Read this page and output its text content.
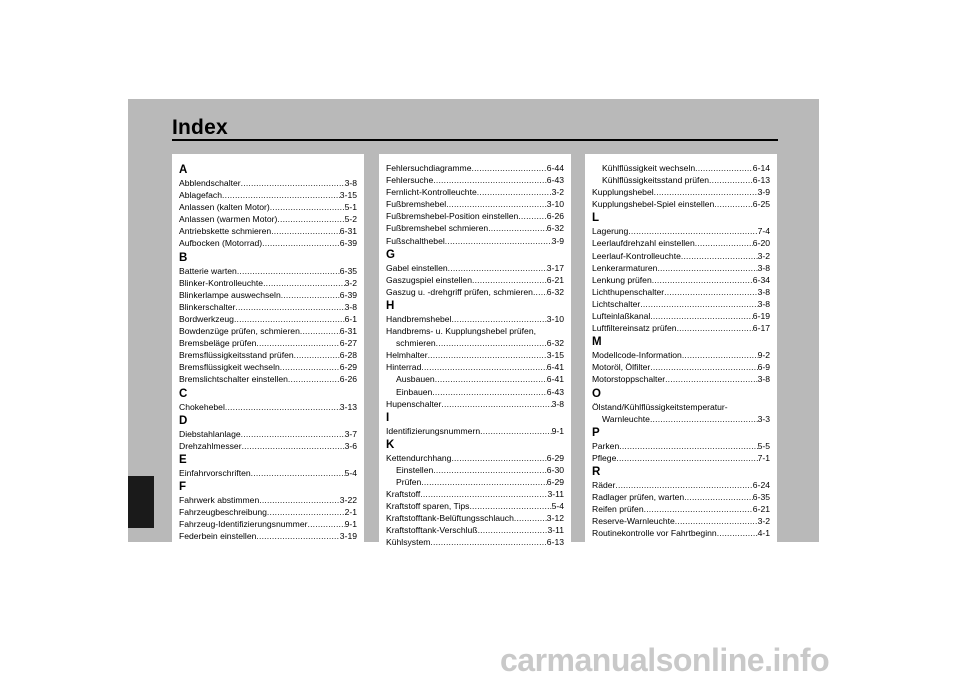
Index
A
Abblendschalter .....	3-8
Ablagefach .....	3-15
Anlassen (kalten Motor) .....	5-1
Anlassen (warmen Motor) .....	5-2
Antriebskette schmieren .....	6-31
Aufbocken (Motorrad) .....	6-39
B
Batterie warten .....	6-35
Blinker-Kontrolleuchte .....	3-2
Blinkerlampe auswechseln .....	6-39
Blinkerschalter .....	3-8
Bordwerkzeug .....	6-1
Bowdenzüge prüfen, schmieren .....	6-31
Bremsbeläge prüfen .....	6-27
Bremsflüssigkeitsstand prüfen .....	6-28
Bremsflüssigkeit wechseln .....	6-29
Bremslichtschalter einstellen .....	6-26
C
Chokehebel .....	3-13
D
Diebstahlanlage .....	3-7
Drehzahlmesser .....	3-6
E
Einfahrvorschriften .....	5-4
F
Fahrwerk abstimmen .....	3-22
Fahrzeugbeschreibung .....	2-1
Fahrzeug-Identifizierungsnummer .....	9-1
Federbein einstellen .....	3-19
Fehlersuchdiagramme .....	6-44
Fehlersuche .....	6-43
Fernlicht-Kontrolleuchte .....	3-2
Fußbremshebel .....	3-10
Fußbremshebel-Position einstellen .....	6-26
Fußbremshebel schmieren .....	6-32
Fußschalthebel .....	3-9
G
Gabel einstellen .....	3-17
Gaszugspiel einstellen .....	6-21
Gaszug u. -drehgriff prüfen, schmieren ..... 6-32
H
Handbremshebel .....	3-10
Handbrems- u. Kupplungshebel prüfen,
schmieren .....	6-32
Helmhalter .....	3-15
Hinterrad .....	6-41
Ausbauen .....	6-41
Einbauen .....	6-43
Hupenschalter .....	3-8
I
Identifizierungsnummern .....	9-1
K
Kettendurchhang .....	6-29
Einstellen .....	6-30
Prüfen .....	6-29
Kraftstoff .....	3-11
Kraftstoff sparen, Tips .....	5-4
Kraftstofftank-Belüftungsschlauch .....	3-12
Kraftstofftank-Verschluß .....	3-11
Kühlsystem .....	6-13
Kühlflüssigkeit wechseln .....	6-14
Kühlflüssigkeitsstand prüfen .....	6-13
Kupplungshebel .....	3-9
Kupplungshebel-Spiel einstellen .....	6-25
L
Lagerung .....	7-4
Leerlaufdrehzahl einstellen .....	6-20
Leerlauf-Kontrolleuchte .....	3-2
Lenkerarmaturen .....	3-8
Lenkung prüfen .....	6-34
Lichthupenschalter .....	3-8
Lichtschalter .....	3-8
Lufteinlaßkanal .....	6-19
Luftfiltereinsatz prüfen .....	6-17
M
Modellcode-Information .....	9-2
Motoröl, Ölfilter .....	6-9
Motorstoppschalter .....	3-8
O
Ölstand/Kühlflüssigkeitstemperatur-
Warnleuchte .....	3-3
P
Parken .....	5-5
Pflege .....	7-1
R
Räder .....	6-24
Radlager prüfen, warten .....	6-35
Reifen prüfen .....	6-21
Reserve-Warnleuchte .....	3-2
Routinekontrolle vor Fahrtbeginn .....	4-1
carmanualsonline.info
